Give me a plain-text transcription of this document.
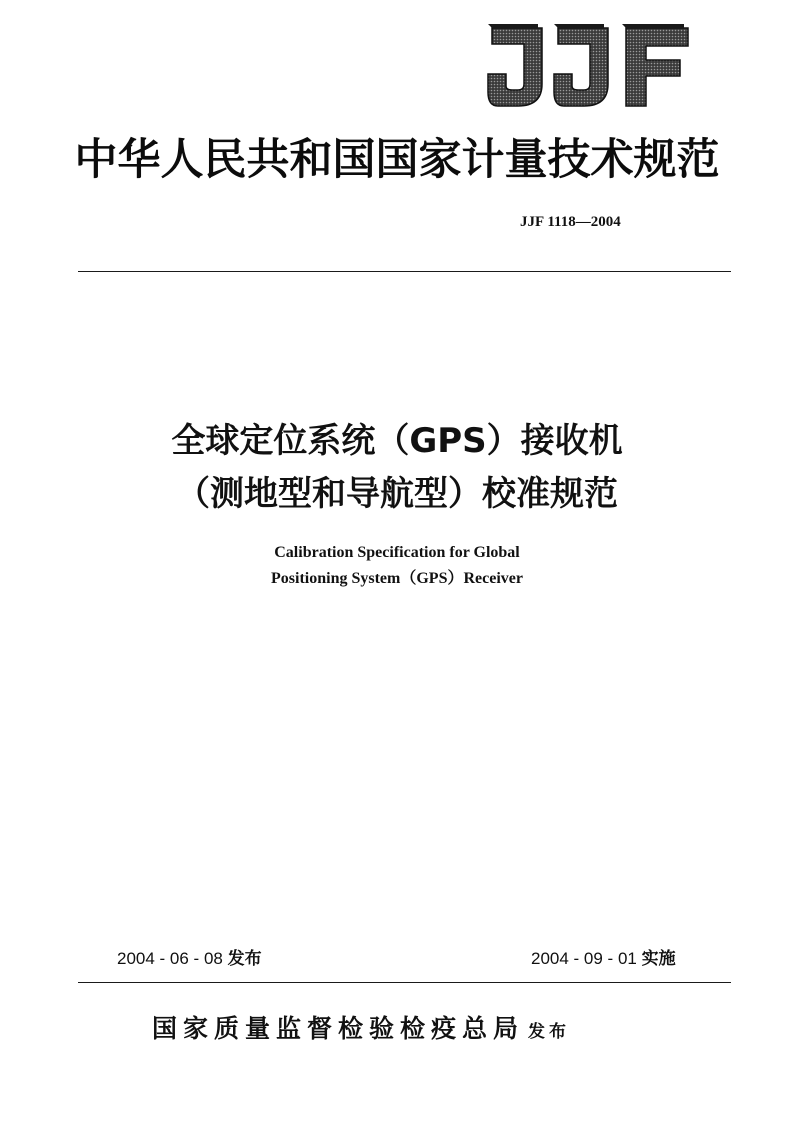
中华人民共和国国家计量技术规范
JJF 1118—2004
全球定位系统（GPS）接收机
（测地型和导航型）校准规范
Calibration Specification for Global
Positioning System（GPS）Receiver
2004 - 06 - 08 发布	2004 - 09 - 01 实施
国家质量监督检验检疫总局 发布
